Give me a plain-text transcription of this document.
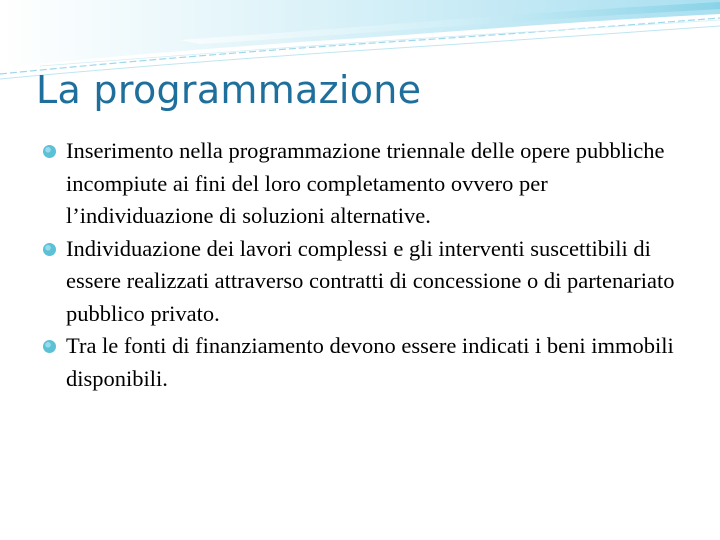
La programmazione
Inserimento nella programmazione triennale delle opere pubbliche incompiute ai fini del loro completamento ovvero per l’individuazione di soluzioni alternative.
Individuazione dei lavori complessi e gli interventi suscettibili di essere realizzati attraverso contratti di concessione o di partenariato pubblico privato.
Tra le fonti di finanziamento devono essere indicati i beni immobili disponibili.
